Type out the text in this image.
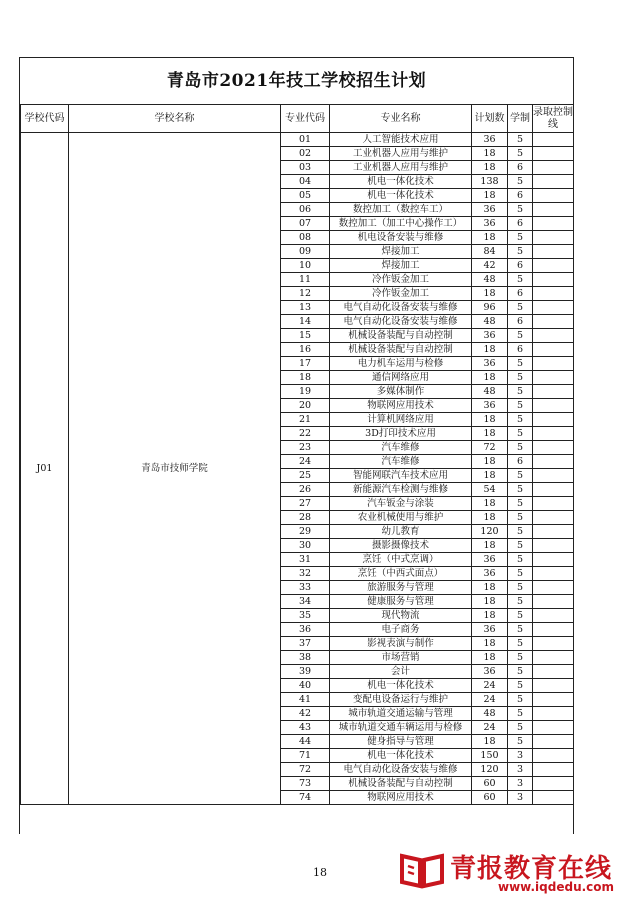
青岛市2021年技工学校招生计划
学校代码	学校名称	专业代码	专业名称	计划数	学制	录取控制线
J01	青岛市技师学院	01	人工智能技术应用	36	5	
		02	工业机器人应用与维护	18	5	
		03	工业机器人应用与维护	18	6	
		04	机电一体化技术	138	5	
		05	机电一体化技术	18	6	
		06	数控加工（数控车工）	36	5	
		07	数控加工（加工中心操作工）	36	6	
		08	机电设备安装与维修	18	5	
		09	焊接加工	84	5	
		10	焊接加工	42	6	
		11	冷作钣金加工	48	5	
		12	冷作钣金加工	18	6	
		13	电气自动化设备安装与维修	96	5	
		14	电气自动化设备安装与维修	48	6	
		15	机械设备装配与自动控制	36	5	
		16	机械设备装配与自动控制	18	6	
		17	电力机车运用与检修	36	5	
		18	通信网络应用	18	5	
		19	多媒体制作	48	5	
		20	物联网应用技术	36	5	
		21	计算机网络应用	18	5	
		22	3D打印技术应用	18	5	
		23	汽车维修	72	5	
		24	汽车维修	18	6	
		25	智能网联汽车技术应用	18	5	
		26	新能源汽车检测与维修	54	5	
		27	汽车钣金与涂装	18	5	
		28	农业机械使用与维护	18	5	
		29	幼儿教育	120	5	
		30	摄影摄像技术	18	5	
		31	烹饪（中式烹调）	36	5	
		32	烹饪（中西式面点）	36	5	
		33	旅游服务与管理	18	5	
		34	健康服务与管理	18	5	
		35	现代物流	18	5	
		36	电子商务	36	5	
		37	影视表演与制作	18	5	
		38	市场营销	18	5	
		39	会计	36	5	
		40	机电一体化技术	24	5	
		41	变配电设备运行与维护	24	5	
		42	城市轨道交通运输与管理	48	5	
		43	城市轨道交通车辆运用与检修	24	5	
		44	健身指导与管理	18	5	
		71	机电一体化技术	150	3	
		72	电气自动化设备安装与维修	120	3	
		73	机械设备装配与自动控制	60	3	
		74	物联网应用技术	60	3	
18	青报教育在线
www.iqdedu.com
